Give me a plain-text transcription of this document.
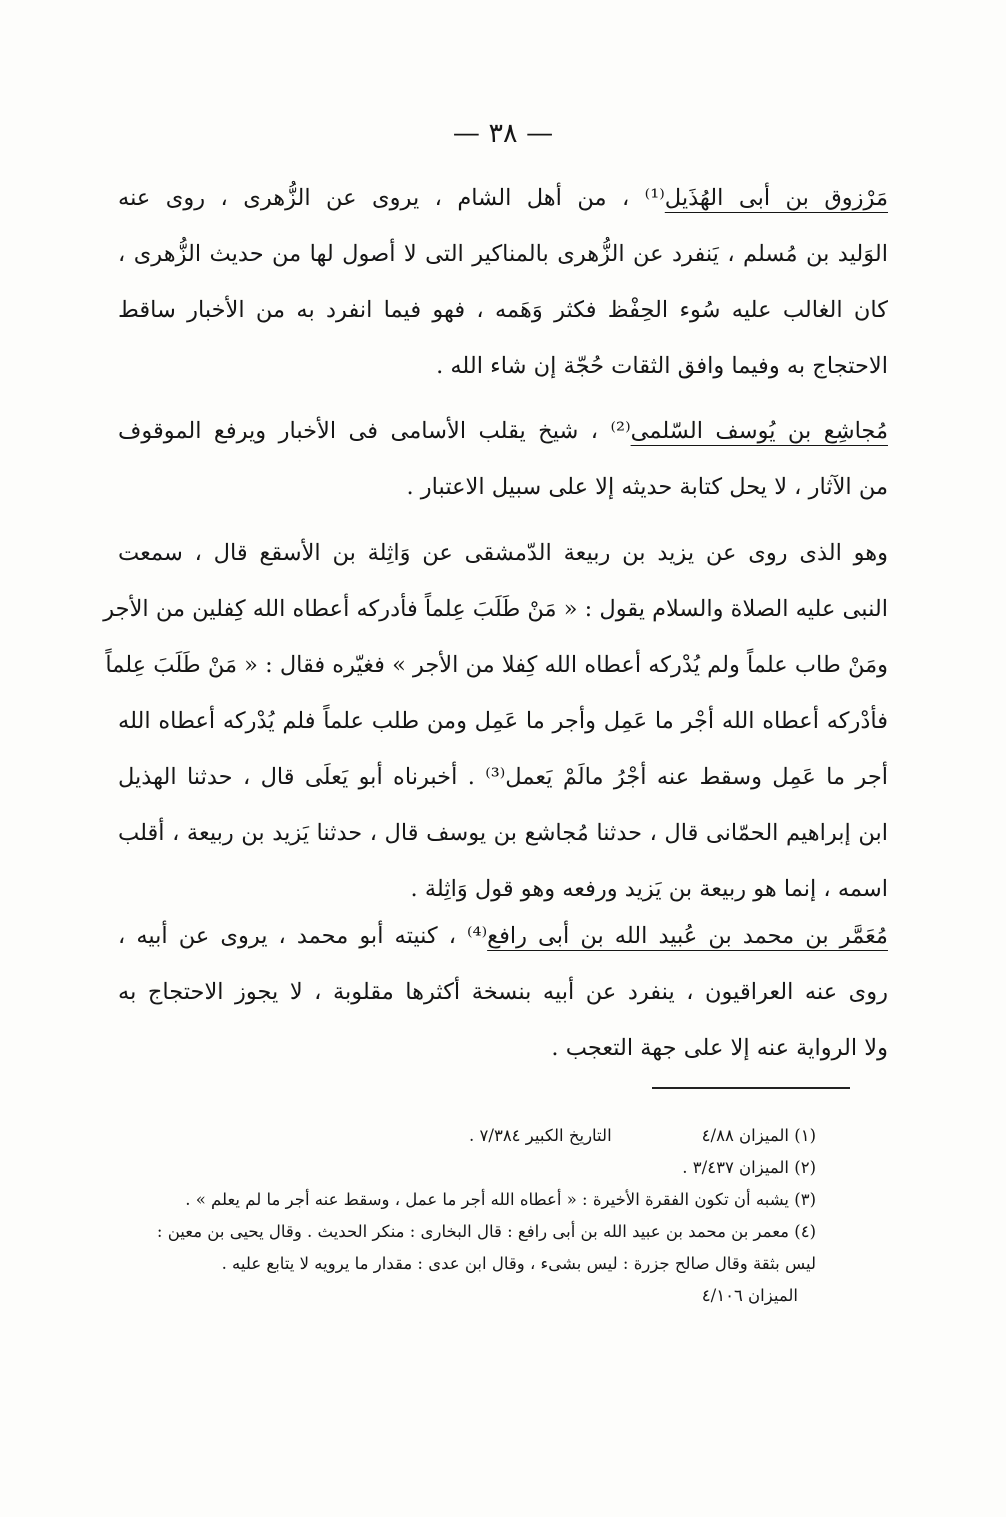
— ٣٨ —
مَرْزوق بن أبى الهُذَيل⁽¹⁾ ، من أهل الشام ، يروى عن الزُّهرى ، روى عنه
الوَليد بن مُسلم ، يَنفرد عن الزُّهرى بالمناكير التى لا أصول لها من حديث الزُّهرى ،
كان الغالب عليه سُوء الحِفْظ فكثر وَهَمه ، فهو فيما انفرد به من الأخبار ساقط
الاحتجاج به وفيما وافق الثقات حُجّة إن شاء الله .
مُجاشِع بن يُوسف السّلمى⁽²⁾ ، شيخ يقلب الأسامى فى الأخبار ويرفع الموقوف
من الآثار ، لا يحل كتابة حديثه إلا على سبيل الاعتبار .
وهو الذى روى عن يزيد بن ربيعة الدّمشقى عن وَاثِلة بن الأسقع قال ، سمعت
النبى عليه الصلاة والسلام يقول : « مَنْ طَلَبَ عِلماً فأدركه أعطاه الله كِفلين من الأجر
ومَنْ طاب علماً ولم يُدْركه أعطاه الله كِفلا من الأجر » فغيّره فقال : « مَنْ طَلَبَ عِلماً
فأدْركه أعطاه الله أجْر ما عَمِل وأجر ما عَمِل ومن طلب علماً فلم يُدْركه أعطاه الله
أجر ما عَمِل وسقط عنه أجْرُ مالَمْ يَعمل⁽³⁾ . أخبرناه أبو يَعلَى قال ، حدثنا الهذيل
ابن إبراهيم الحمّانى قال ، حدثنا مُجاشع بن يوسف قال ، حدثنا يَزيد بن ربيعة ، أقلب
اسمه ، إنما هو ربيعة بن يَزيد ورفعه وهو قول وَاثِلة .
مُعَمَّر بن محمد بن عُبيد الله بن أبى رافع⁽⁴⁾ ، كنيته أبو محمد ، يروى عن أبيه ،
روى عنه العراقيون ، ينفرد عن أبيه بنسخة أكثرها مقلوبة ، لا يجوز الاحتجاج به
ولا الرواية عنه إلا على جهة التعجب .
(١) الميزان ٤/٨٨
التاريخ الكبير ٧/٣٨٤ .
(٢) الميزان ٣/٤٣٧ .
(٣) يشبه أن تكون الفقرة الأخيرة : « أعطاه الله أجر ما عمل ، وسقط عنه أجر ما لم يعلم » .
(٤) معمر بن محمد بن عبيد الله بن أبى رافع : قال البخارى : منكر الحديث . وقال يحيى بن معين :
ليس بثقة وقال صالح جزرة : ليس بشىء ، وقال ابن عدى : مقدار ما يرويه لا يتابع عليه .
الميزان ٤/١٠٦
